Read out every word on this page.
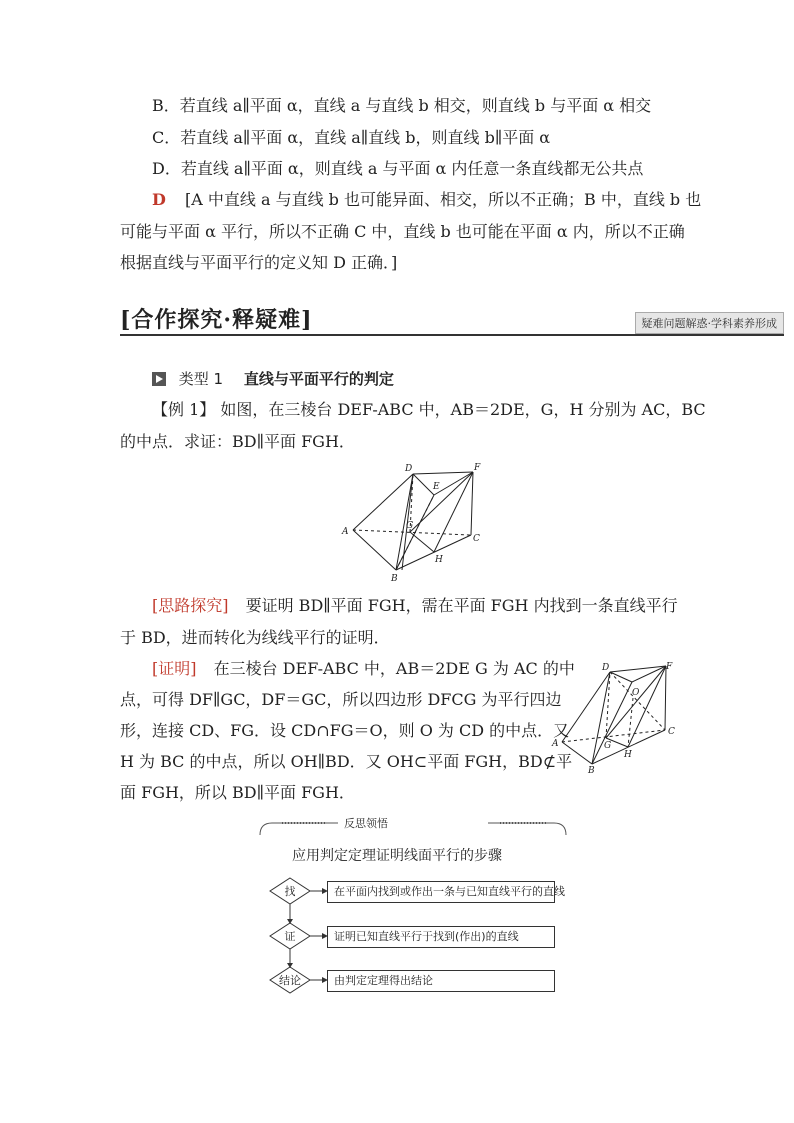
B．若直线 a∥平面 α，直线 a 与直线 b 相交，则直线 b 与平面 α 相交
C．若直线 a∥平面 α，直线 a∥直线 b，则直线 b∥平面 α
D．若直线 a∥平面 α，则直线 a 与平面 α 内任意一条直线都无公共点
D [A 中直线 a 与直线 b 也可能异面、相交，所以不正确；B 中，直线 b 也
可能与平面 α 平行，所以不正确 C 中，直线 b 也可能在平面 α 内，所以不正确
根据直线与平面平行的定义知 D 正确．]
[合作探究·释疑难]	疑难问题解惑·学科素养形成
类型 1 直线与平面平行的判定
【例 1】 如图，在三棱台 DEF-ABC 中，AB＝2DE，G，H 分别为 AC，BC
的中点．求证：BD∥平面 FGH．
D
E
F
A
G
H
C
B
[思路探究] 要证明 BD∥平面 FGH，需在平面 FGH 内找到一条直线平行
于 BD，进而转化为线线平行的证明．
[证明] 在三棱台 DEF-ABC 中，AB＝2DE G 为 AC 的中
点，可得 DF∥GC，DF＝GC，所以四边形 DFCG 为平行四边
形，连接 CD、FG．设 CD∩FG＝O，则 O 为 CD 的中点．又
H 为 BC 的中点，所以 OH∥BD．又 OH⊂平面 FGH，BD⊄平
面 FGH，所以 BD∥平面 FGH．
D	F
O
A	G
H
C
B
反思领悟
应用判定定理证明线面平行的步骤
找
证
结论
在平面内找到或作出一条与已知直线平行的直线
证明已知直线平行于找到(作出)的直线
由判定定理得出结论
